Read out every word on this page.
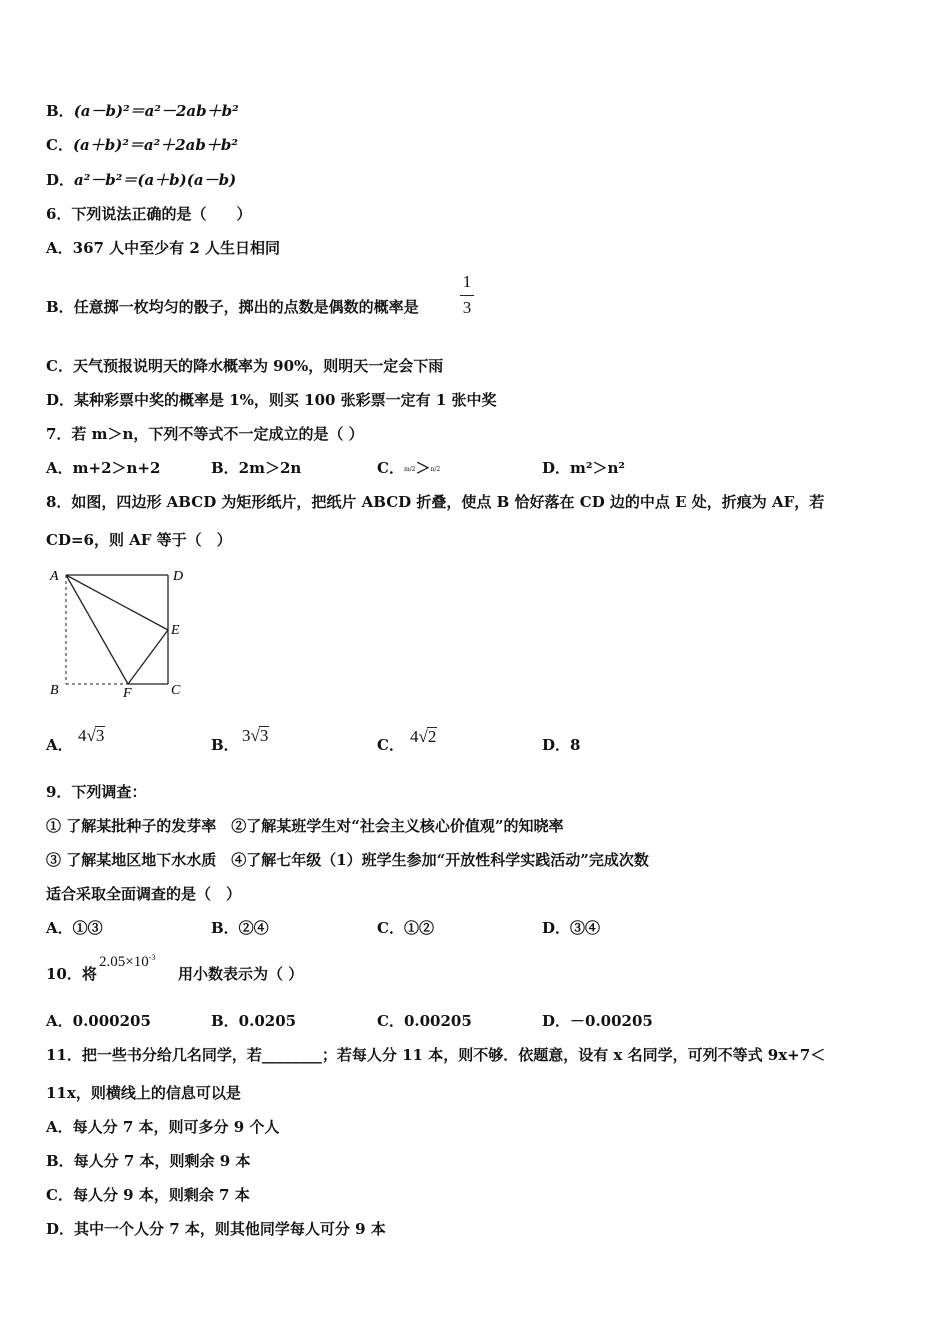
B．(a－b)²＝a²－2ab＋b²
C．(a＋b)²＝a²＋2ab＋b²
D．a²－b²＝(a＋b)(a－b)
6．下列说法正确的是（　　）
A．367 人中至少有 2 人生日相同
B．任意掷一枚均匀的骰子，掷出的点数是偶数的概率是
1
3
C．天气预报说明天的降水概率为 90%，则明天一定会下雨
D．某种彩票中奖的概率是 1%，则买 100 张彩票一定有 1 张中奖
7．若 m＞n，下列不等式不一定成立的是（ ）
A．m+2＞n+2	B．2m＞2n	C．m/2＞n/2	D．m²＞n²
8．如图，四边形 ABCD 为矩形纸片，把纸片 ABCD 折叠，使点 B 恰好落在 CD 边的中点 E 处，折痕为 AF，若
CD=6，则 AF 等于（　）
A	D
E
B	F	C
A． 4√3	B． 3√3	C． 4√2	D．8
9．下列调查：
① 了解某批种子的发芽率　②了解某班学生对“社会主义核心价值观”的知晓率
③ 了解某地区地下水水质　④了解七年级（1）班学生参加“开放性科学实践活动”完成次数
适合采取全面调查的是（　）
A．①③	B．②④	C．①②	D．③④
10．将
$2.05\times 10^{-3}$
用小数表示为（ ）
A．0.000205	B．0.0205	C．0.00205	D．－0.00205
11．把一些书分给几名同学，若________；若每人分 11 本，则不够．依题意，设有 x 名同学，可列不等式 9x+7＜
11x，则横线上的信息可以是
A．每人分 7 本，则可多分 9 个人
B．每人分 7 本，则剩余 9 本
C．每人分 9 本，则剩余 7 本
D．其中一个人分 7 本，则其他同学每人可分 9 本
